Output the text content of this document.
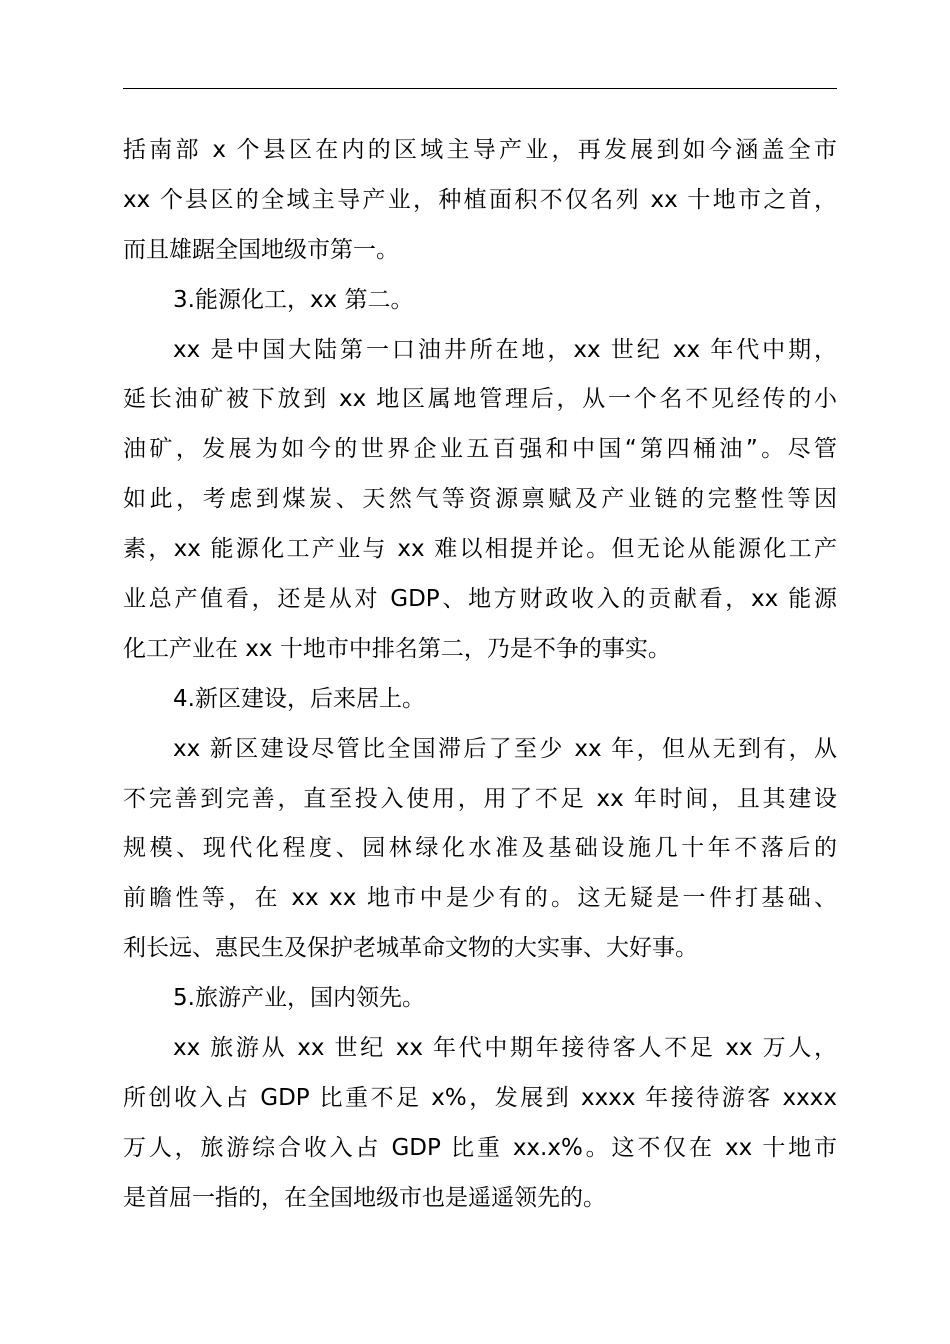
括南部 x 个县区在内的区域主导产业，再发展到如今涵盖全市
xx 个县区的全域主导产业，种植面积不仅名列 xx 十地市之首，
而且雄踞全国地级市第一。
3.能源化工，xx 第二。
xx 是中国大陆第一口油井所在地，xx 世纪 xx 年代中期，
延长油矿被下放到 xx 地区属地管理后，从一个名不见经传的小
油矿，发展为如今的世界企业五百强和中国“第四桶油”。尽管
如此，考虑到煤炭、天然气等资源禀赋及产业链的完整性等因
素，xx 能源化工产业与 xx 难以相提并论。但无论从能源化工产
业总产值看，还是从对 GDP、地方财政收入的贡献看，xx 能源
化工产业在 xx 十地市中排名第二，乃是不争的事实。
4.新区建设，后来居上。
xx 新区建设尽管比全国滞后了至少 xx 年，但从无到有，从
不完善到完善，直至投入使用，用了不足 xx 年时间，且其建设
规模、现代化程度、园林绿化水准及基础设施几十年不落后的
前瞻性等，在 xx xx 地市中是少有的。这无疑是一件打基础、
利长远、惠民生及保护老城革命文物的大实事、大好事。
5.旅游产业，国内领先。
xx 旅游从 xx 世纪 xx 年代中期年接待客人不足 xx 万人，
所创收入占 GDP 比重不足 x%，发展到 xxxx 年接待游客 xxxx
万人，旅游综合收入占 GDP 比重 xx.x%。这不仅在 xx 十地市
是首屈一指的，在全国地级市也是遥遥领先的。
